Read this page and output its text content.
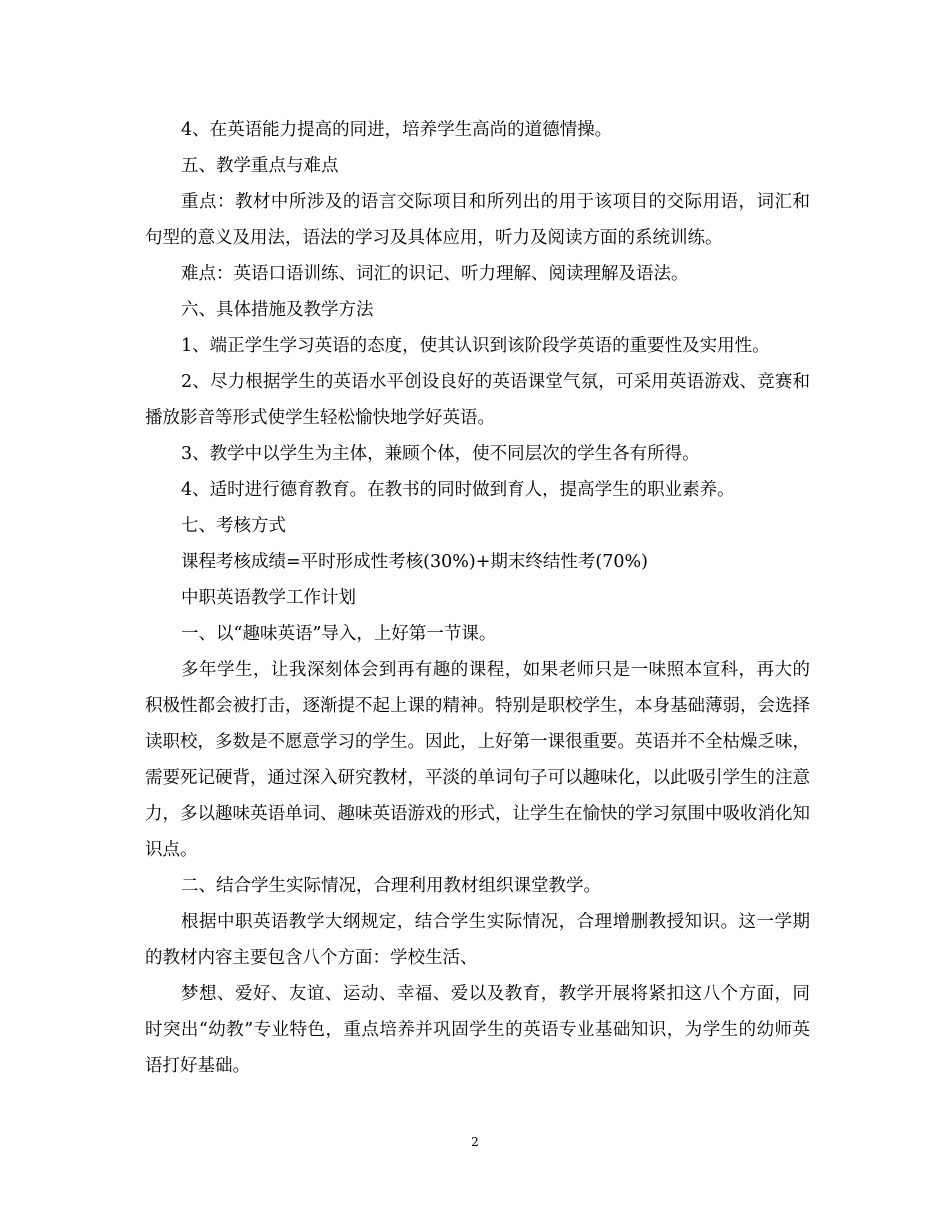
4、在英语能力提高的同进，培养学生高尚的道德情操。

五、教学重点与难点

重点：教材中所涉及的语言交际项目和所列出的用于该项目的交际用语，词汇和句型的意义及用法，语法的学习及具体应用，听力及阅读方面的系统训练。

难点：英语口语训练、词汇的识记、听力理解、阅读理解及语法。

六、具体措施及教学方法

1、端正学生学习英语的态度，使其认识到该阶段学英语的重要性及实用性。

2、尽力根据学生的英语水平创设良好的英语课堂气氛，可采用英语游戏、竞赛和播放影音等形式使学生轻松愉快地学好英语。

3、教学中以学生为主体，兼顾个体，使不同层次的学生各有所得。

4、适时进行德育教育。在教书的同时做到育人，提高学生的职业素养。

七、考核方式

课程考核成绩=平时形成性考核(30%)+期末终结性考(70%)

中职英语教学工作计划

一、以“趣味英语”导入，上好第一节课。

多年学生，让我深刻体会到再有趣的课程，如果老师只是一味照本宣科，再大的积极性都会被打击，逐渐提不起上课的精神。特别是职校学生，本身基础薄弱，会选择读职校，多数是不愿意学习的学生。因此，上好第一课很重要。英语并不全枯燥乏味，需要死记硬背，通过深入研究教材，平淡的单词句子可以趣味化，以此吸引学生的注意力，多以趣味英语单词、趣味英语游戏的形式，让学生在愉快的学习氛围中吸收消化知识点。

二、结合学生实际情况，合理利用教材组织课堂教学。

根据中职英语教学大纲规定，结合学生实际情况，合理增删教授知识。这一学期的教材内容主要包含八个方面：学校生活、

梦想、爱好、友谊、运动、幸福、爱以及教育，教学开展将紧扣这八个方面，同时突出“幼教”专业特色，重点培养并巩固学生的英语专业基础知识，为学生的幼师英语打好基础。

2
